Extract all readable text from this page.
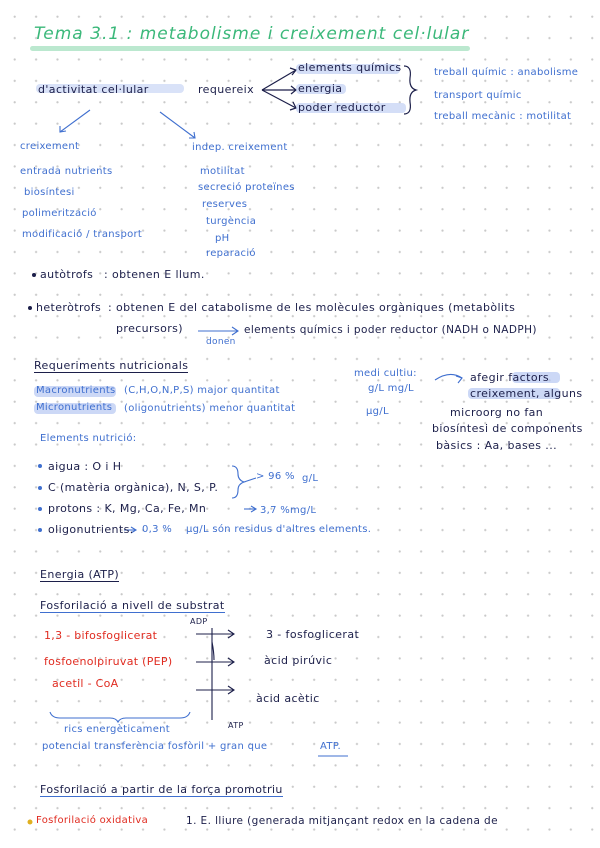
Tema 3.1 : metabolisme i creixement cel·lular
d'activitat cel·lular	requereix
elements químics
energia
poder reductor
treball químic : anabolisme
transport químic
treball mecànic : motilitat
creixement
entrada nutrients
biosíntesi
polimerització
modificació / transport
indep. creixement
motilitat
secreció proteïnes
reserves
turgència
pH
reparació
autòtrofs : obtenen E llum.
heteròtrofs : obtenen E del catabolisme de les molècules orgàniques (metabòlits
precursors)
donen
elements químics i poder reductor (NADH o NADPH)
Requeriments nutricionals
Macronutrients (C,H,O,N,P,S) major quantitat	g/L mg/L
Micronutrients (oligonutrients) menor quantitat	µg/L
medi cultiu:	afegir factors
creixement, alguns
microorg no fan
biosíntesi de components
bàsics : Aa, bases ...
Elements nutrició:
aigua : O i H
C (matèria orgànica), N, S, P.
> 96 % g/L
protons : K, Mg, Ca, Fe, Mn	3,7 % mg/L
oligonutrients. 0,3 % µg/L són residus d'altres elements.
Energia (ATP)
Fosforilació a nivell de substrat
ADP
ATP
1,3 - bifosfoglicerat
fosfoenolpiruvat (PEP)
acetil - CoA
3 - fosfoglicerat
àcid pirúvic
àcid acètic
rics energèticament
potencial transferència fosfòril + gran que	ATP.
Fosforilació a partir de la força promotriu
Fosforilació oxidativa	1. E. lliure (generada mitjançant redox en la cadena de
